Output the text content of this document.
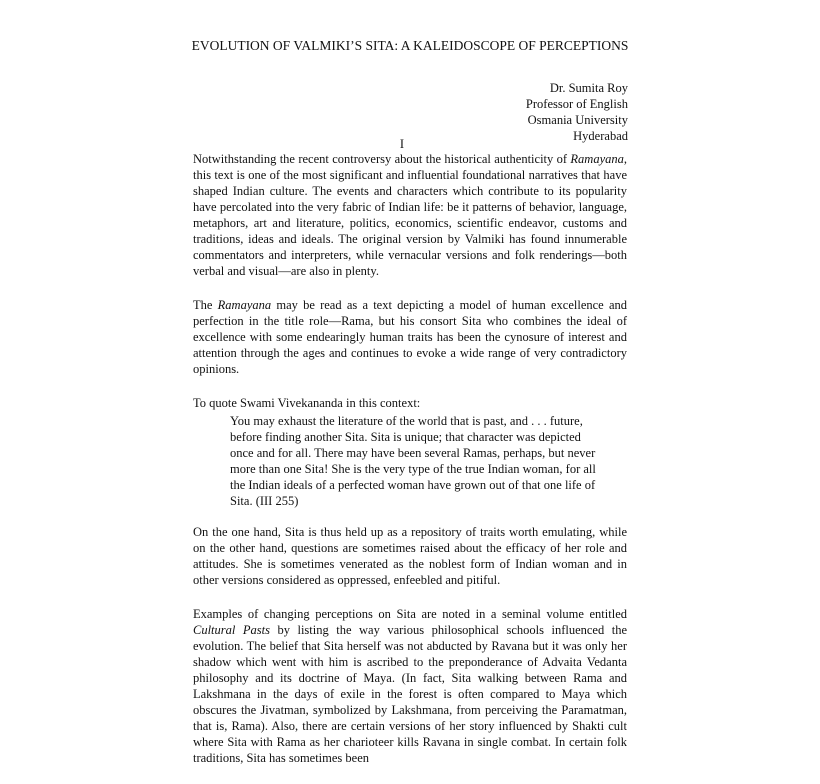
EVOLUTION OF VALMIKI’S SITA: A KALEIDOSCOPE OF PERCEPTIONS
Dr. Sumita Roy
Professor of English
Osmania University
Hyderabad
I

Notwithstanding the recent controversy about the historical authenticity of Ramayana, this text is one of the most significant and influential foundational narratives that have shaped Indian culture. The events and characters which contribute to its popularity have percolated into the very fabric of Indian life: be it patterns of behavior, language, metaphors, art and literature, politics, economics, scientific endeavor, customs and traditions, ideas and ideals. The original version by Valmiki has found innumerable commentators and interpreters, while vernacular versions and folk renderings—both verbal and visual—are also in plenty.

The Ramayana may be read as a text depicting a model of human excellence and perfection in the title role—Rama, but his consort Sita who combines the ideal of excellence with some endearingly human traits has been the cynosure of interest and attention through the ages and continues to evoke a wide range of very contradictory opinions.

To quote Swami Vivekananda in this context:

You may exhaust the literature of the world that is past, and . . . future, before finding another Sita. Sita is unique; that character was depicted once and for all. There may have been several Ramas, perhaps, but never more than one Sita! She is the very type of the true Indian woman, for all the Indian ideals of a perfected woman have grown out of that one life of Sita. (III 255)

On the one hand, Sita is thus held up as a repository of traits worth emulating, while on the other hand, questions are sometimes raised about the efficacy of her role and attitudes. She is sometimes venerated as the noblest form of Indian woman and in other versions considered as oppressed, enfeebled and pitiful.

Examples of changing perceptions on Sita are noted in a seminal volume entitled Cultural Pasts by listing the way various philosophical schools influenced the evolution. The belief that Sita herself was not abducted by Ravana but it was only her shadow which went with him is ascribed to the preponderance of Advaita Vedanta philosophy and its doctrine of Maya. (In fact, Sita walking between Rama and Lakshmana in the days of exile in the forest is often compared to Maya which obscures the Jivatman, symbolized by Lakshmana, from perceiving the Paramatman, that is, Rama). Also, there are certain versions of her story influenced by Shakti cult where Sita with Rama as her charioteer kills Ravana in single combat. In certain folk traditions, Sita has sometimes been
